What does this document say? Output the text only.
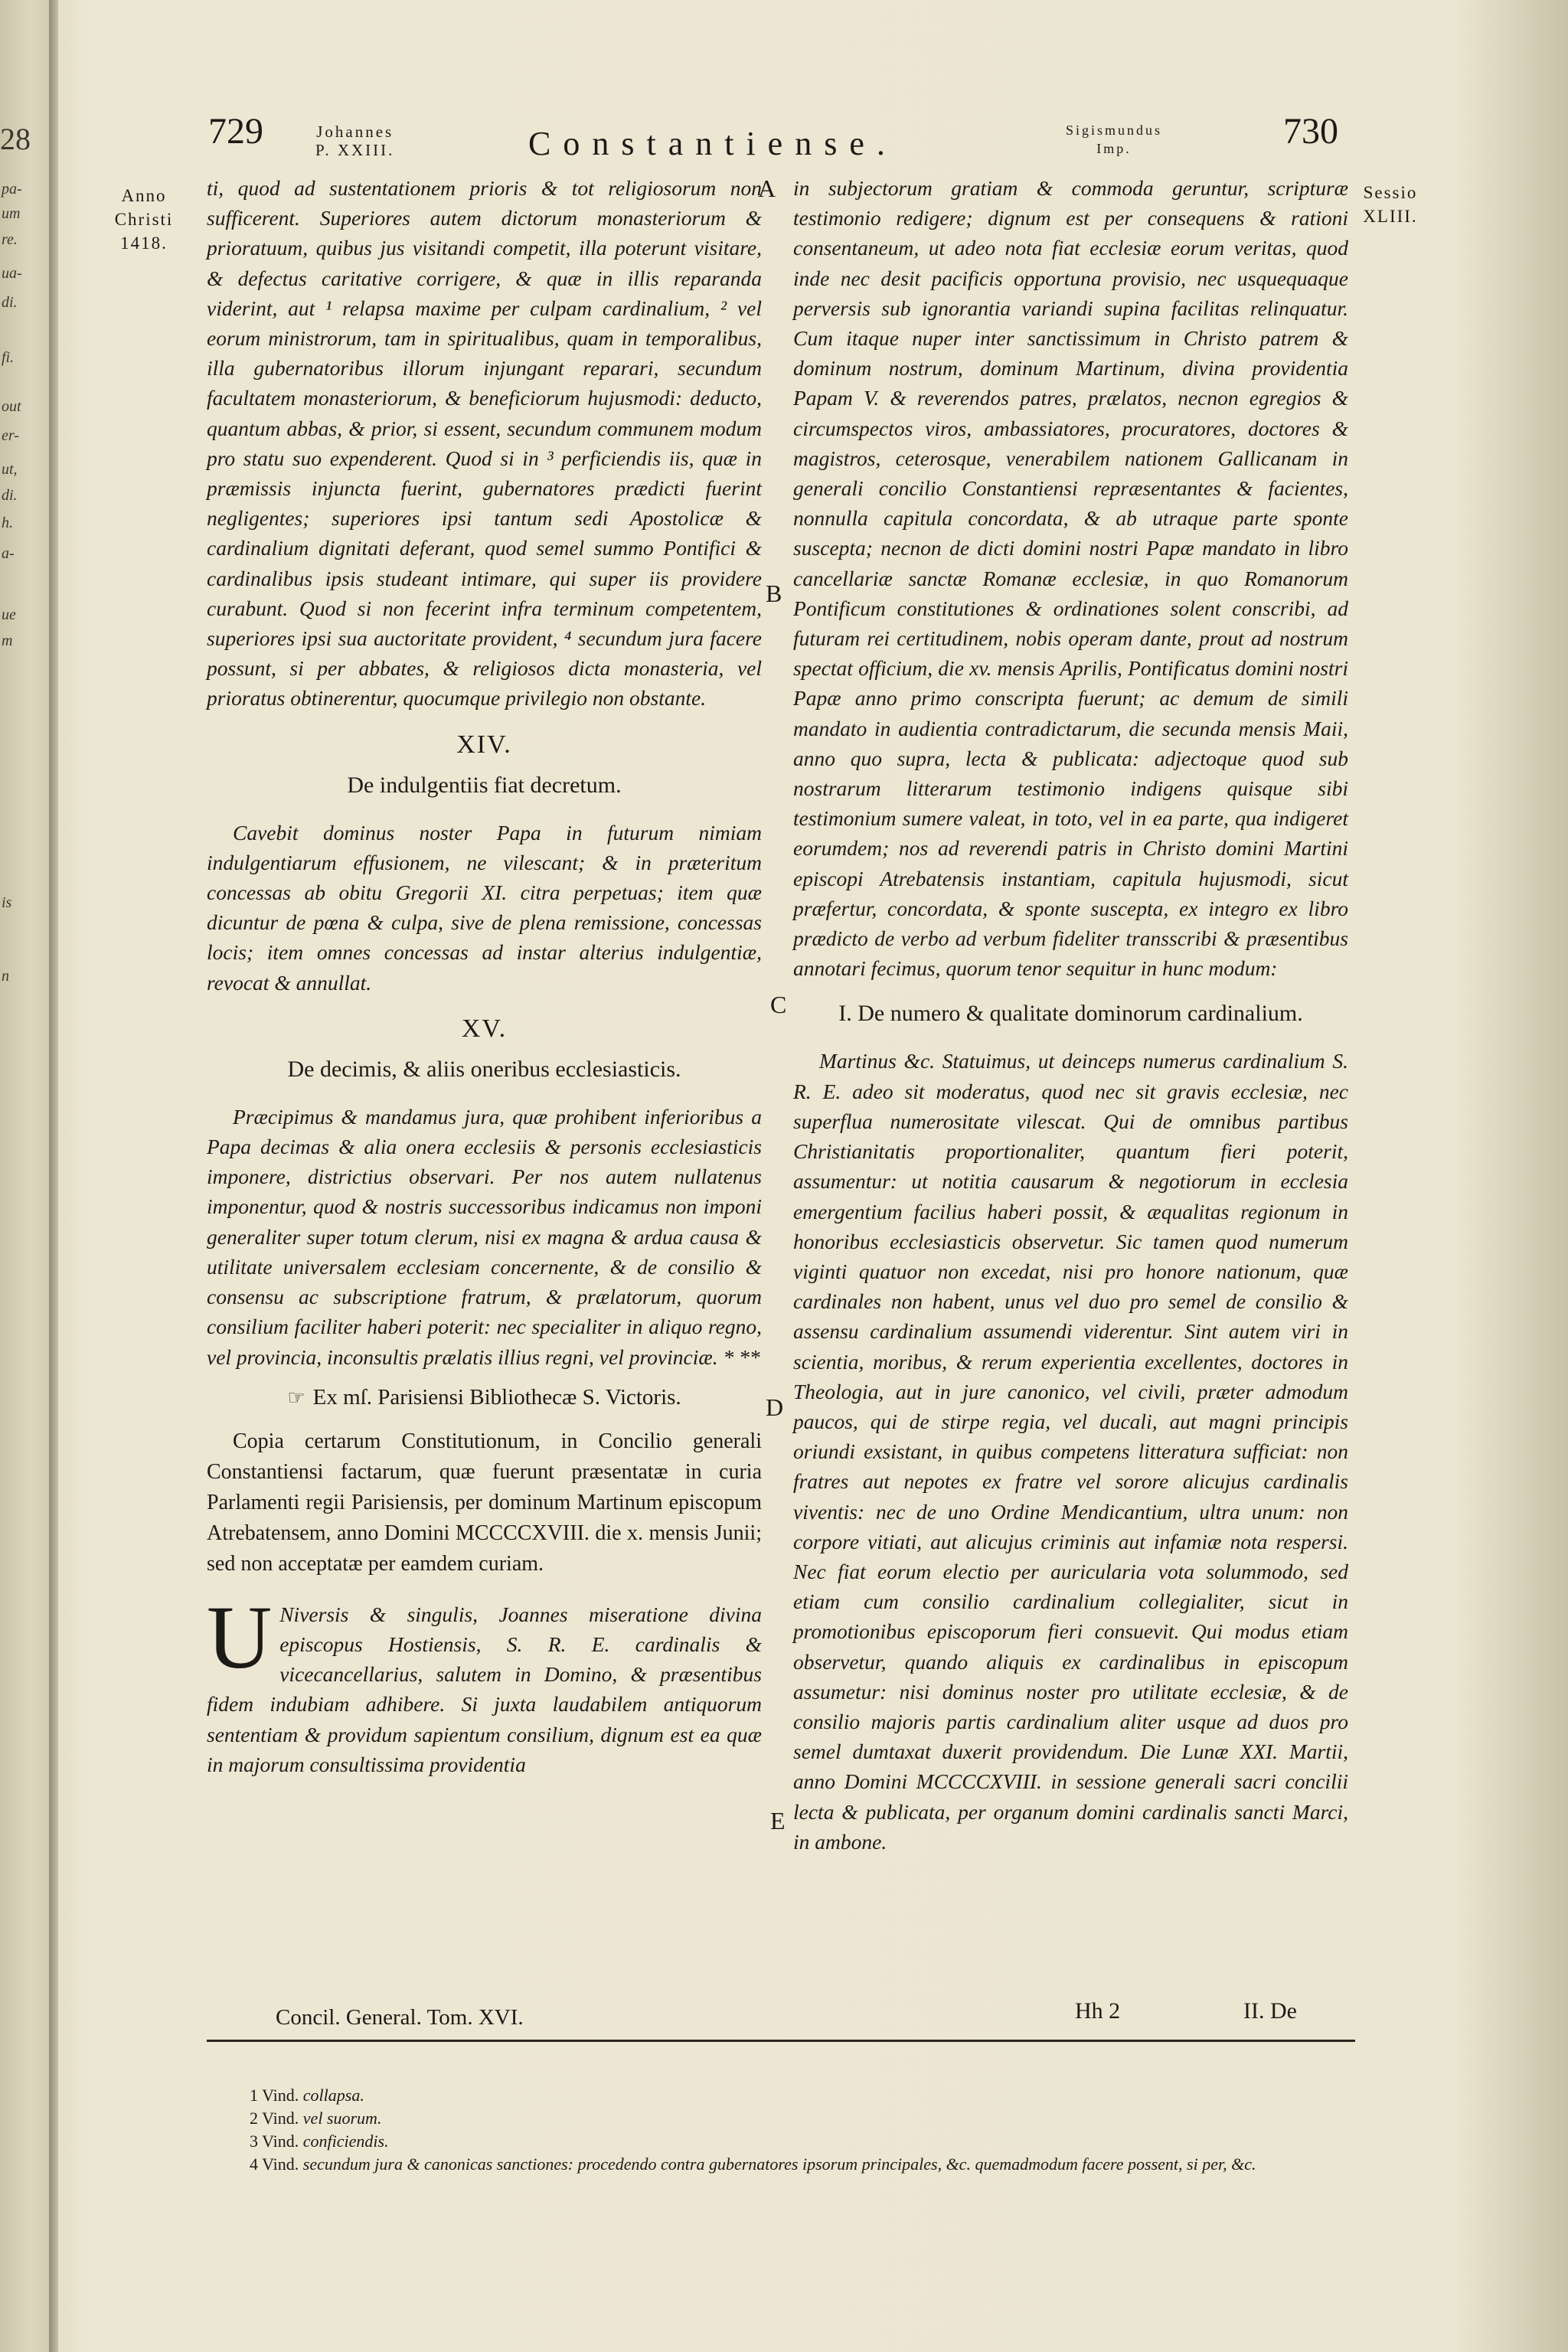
28
pa-
um
re.
ua-
di.
fi.
out
er-
ut,
di.
h.
a-
ue
m
is
n
729	Johannes
P. XXIII.	Constantiense.	Sigismundus
Imp.	730
Anno
Christi
1418.
Sessio
XLIII.
A
B
C
D
E

ti, quod ad sustentationem prioris & tot religiosorum non sufficerent. Superiores autem dictorum monasteriorum & prioratuum, quibus jus visitandi competit, illa poterunt visitare, & defectus caritative corrigere, & quæ in illis reparanda viderint, aut ¹ relapsa maxime per culpam cardinalium, ² vel eorum ministrorum, tam in spiritualibus, quam in temporalibus, illa gubernatoribus illorum injungant reparari, secundum facultatem monasteriorum, & beneficiorum hujusmodi: deducto, quantum abbas, & prior, si essent, secundum communem modum pro statu suo expenderent. Quod si in ³ perficiendis iis, quæ in præmissis injuncta fuerint, gubernatores prædicti fuerint negligentes; superiores ipsi tantum sedi Apostolicæ & cardinalium dignitati deferant, quod semel summo Pontifici & cardinalibus ipsis studeant intimare, qui super iis providere curabunt. Quod si non fecerint infra terminum competentem, superiores ipsi sua auctoritate provident, ⁴ secundum jura facere possunt, si per abbates, & religiosos dicta monasteria, vel prioratus obtinerentur, quocumque privilegio non obstante.

XIV.
De indulgentiis fiat decretum.

Cavebit dominus noster Papa in futurum nimiam indulgentiarum effusionem, ne vilescant; & in præteritum concessas ab obitu Gregorii XI. citra perpetuas; item quæ dicuntur de pœna & culpa, sive de plena remissione, concessas locis; item omnes concessas ad instar alterius indulgentiæ, revocat & annullat.

XV.
De decimis, & aliis oneribus ecclesiasticis.

Præcipimus & mandamus jura, quæ prohibent inferioribus a Papa decimas & alia onera ecclesiis & personis ecclesiasticis imponere, districtius observari. Per nos autem nullatenus imponentur, quod & nostris successoribus indicamus non imponi generaliter super totum clerum, nisi ex magna & ardua causa & utilitate universalem ecclesiam concernente, & de consilio & consensu ac subscriptione fratrum, & prælatorum, quorum consilium faciliter haberi poterit: nec specialiter in aliquo regno, vel provincia, inconsultis prælatis illius regni, vel provinciæ. * **

☞ Ex mſ. Parisiensi Bibliothecæ S. Victoris.

Copia certarum Constitutionum, in Concilio generali Constantiensi factarum, quæ fuerunt præsentatæ in curia Parlamenti regii Parisiensis, per dominum Martinum episcopum Atrebatensem, anno Domini MCCCCXVIII. die x. mensis Junii; sed non acceptatæ per eamdem curiam.

U Niversis & singulis, Joannes miseratione divina episcopus Hostiensis, S. R. E. cardinalis & vicecancellarius, salutem in Domino, & præsentibus fidem indubiam adhibere. Si juxta laudabilem antiquorum sententiam & providum sapientum consilium, dignum est ea quæ in majorum consultissima providentia

Concil. General. Tom. XVI.

in subjectorum gratiam & commoda geruntur, scripturæ testimonio redigere; dignum est per consequens & rationi consentaneum, ut adeo nota fiat ecclesiæ eorum veritas, quod inde nec desit pacificis opportuna provisio, nec usquequaque perversis sub ignorantia variandi supina facilitas relinquatur. Cum itaque nuper inter sanctissimum in Christo patrem & dominum nostrum, dominum Martinum, divina providentia Papam V. & reverendos patres, prælatos, necnon egregios & circumspectos viros, ambassiatores, procuratores, doctores & magistros, ceterosque, venerabilem nationem Gallicanam in generali concilio Constantiensi repræsentantes & facientes, nonnulla capitula concordata, & ab utraque parte sponte suscepta; necnon de dicti domini nostri Papæ mandato in libro cancellariæ sanctæ Romanæ ecclesiæ, in quo Romanorum Pontificum constitutiones & ordinationes solent conscribi, ad futuram rei certitudinem, nobis operam dante, prout ad nostrum spectat officium, die xv. mensis Aprilis, Pontificatus domini nostri Papæ anno primo conscripta fuerunt; ac demum de simili mandato in audientia contradictarum, die secunda mensis Maii, anno quo supra, lecta & publicata: adjectoque quod sub nostrarum litterarum testimonio indigens quisque sibi testimonium sumere valeat, in toto, vel in ea parte, qua indigeret eorumdem; nos ad reverendi patris in Christo domini Martini episcopi Atrebatensis instantiam, capitula hujusmodi, sicut præfertur, concordata, & sponte suscepta, ex integro ex libro prædicto de verbo ad verbum fideliter transscribi & præsentibus annotari fecimus, quorum tenor sequitur in hunc modum:

I. De numero & qualitate dominorum cardinalium.

Martinus &c. Statuimus, ut deinceps numerus cardinalium S. R. E. adeo sit moderatus, quod nec sit gravis ecclesiæ, nec superflua numerositate vilescat. Qui de omnibus partibus Christianitatis proportionaliter, quantum fieri poterit, assumentur: ut notitia causarum & negotiorum in ecclesia emergentium facilius haberi possit, & æqualitas regionum in honoribus ecclesiasticis observetur. Sic tamen quod numerum viginti quatuor non excedat, nisi pro honore nationum, quæ cardinales non habent, unus vel duo pro semel de consilio & assensu cardinalium assumendi viderentur. Sint autem viri in scientia, moribus, & rerum experientia excellentes, doctores in Theologia, aut in jure canonico, vel civili, præter admodum paucos, qui de stirpe regia, vel ducali, aut magni principis oriundi exsistant, in quibus competens litteratura sufficiat: non fratres aut nepotes ex fratre vel sorore alicujus cardinalis viventis: nec de uno Ordine Mendicantium, ultra unum: non corpore vitiati, aut alicujus criminis aut infamiæ nota respersi. Nec fiat eorum electio per auricularia vota solummodo, sed etiam cum consilio cardinalium collegialiter, sicut in promotionibus episcoporum fieri consuevit. Qui modus etiam observetur, quando aliquis ex cardinalibus in episcopum assumetur: nisi dominus noster pro utilitate ecclesiæ, & de consilio majoris partis cardinalium aliter usque ad duos pro semel dumtaxat duxerit providendum. Die Lunæ XXI. Martii, anno Domini MCCCCXVIII. in sessione generali sacri concilii lecta & publicata, per organum domini cardinalis sancti Marci, in ambone.

Hh 2	II. De
1 Vind. collapsa.
2 Vind. vel suorum.
3 Vind. conficiendis.
4 Vind. secundum jura & canonicas sanctiones: procedendo contra gubernatores ipsorum principales, &c. quemadmodum facere possent, si per, &c.
